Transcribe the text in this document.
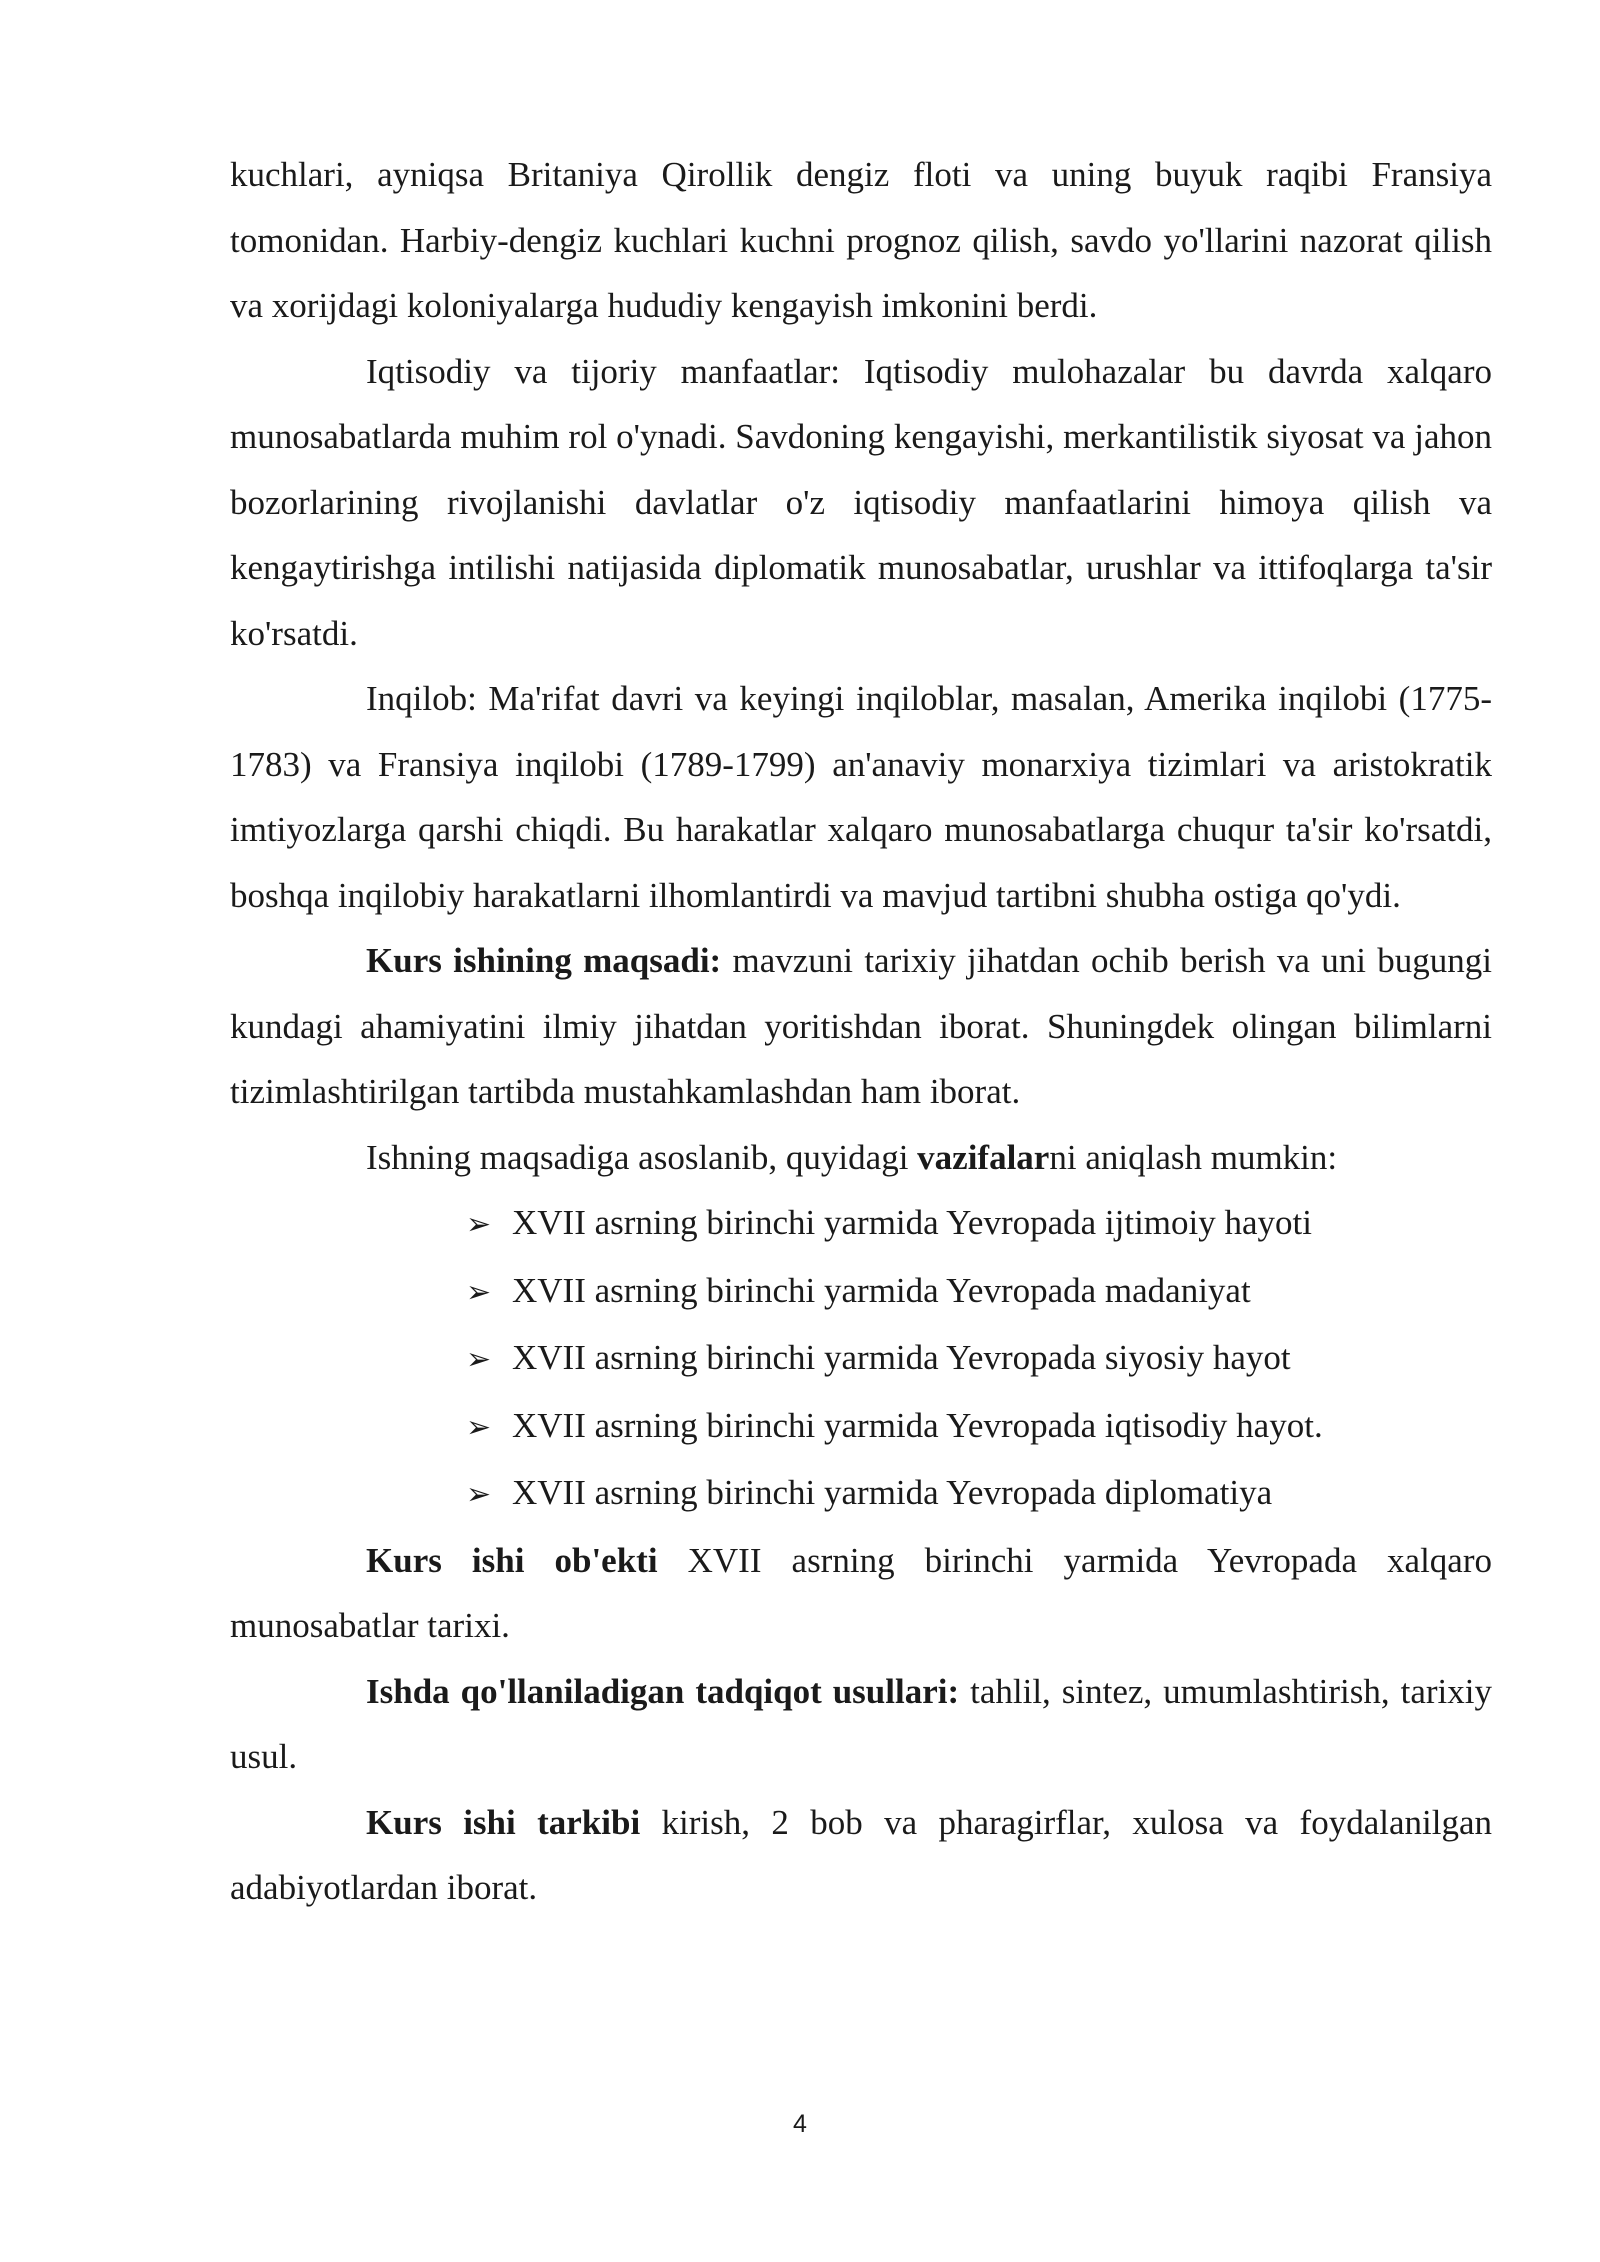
kuchlari, ayniqsa Britaniya Qirollik dengiz floti va uning buyuk raqibi Fransiya tomonidan. Harbiy-dengiz kuchlari kuchni prognoz qilish, savdo yo'llarini nazorat qilish va xorijdagi koloniyalarga hududiy kengayish imkonini berdi.

Iqtisodiy va tijoriy manfaatlar: Iqtisodiy mulohazalar bu davrda xalqaro munosabatlarda muhim rol o'ynadi. Savdoning kengayishi, merkantilistik siyosat va jahon bozorlarining rivojlanishi davlatlar o'z iqtisodiy manfaatlarini himoya qilish va kengaytirishga intilishi natijasida diplomatik munosabatlar, urushlar va ittifoqlarga ta'sir ko'rsatdi.

Inqilob: Ma'rifat davri va keyingi inqiloblar, masalan, Amerika inqilobi (1775-1783) va Fransiya inqilobi (1789-1799) an'anaviy monarxiya tizimlari va aristokratik imtiyozlarga qarshi chiqdi. Bu harakatlar xalqaro munosabatlarga chuqur ta'sir ko'rsatdi, boshqa inqilobiy harakatlarni ilhomlantirdi va mavjud tartibni shubha ostiga qo'ydi.

Kurs ishining maqsadi: mavzuni tarixiy jihatdan ochib berish va uni bugungi kundagi ahamiyatini ilmiy jihatdan yoritishdan iborat. Shuningdek olingan bilimlarni tizimlashtirilgan tartibda mustahkamlashdan ham iborat.

Ishning maqsadiga asoslanib, quyidagi vazifalarni aniqlash mumkin:

➢ XVII asrning birinchi yarmida Yevropada ijtimoiy hayoti
➢ XVII asrning birinchi yarmida Yevropada madaniyat
➢ XVII asrning birinchi yarmida Yevropada siyosiy hayot
➢ XVII asrning birinchi yarmida Yevropada iqtisodiy hayot.
➢ XVII asrning birinchi yarmida Yevropada diplomatiya

Kurs ishi ob'ekti XVII asrning birinchi yarmida Yevropada xalqaro munosabatlar tarixi.

Ishda qo'llaniladigan tadqiqot usullari: tahlil, sintez, umumlashtirish, tarixiy usul.

Kurs ishi tarkibi kirish, 2 bob va pharagirflar, xulosa va foydalanilgan adabiyotlardan iborat.

4
